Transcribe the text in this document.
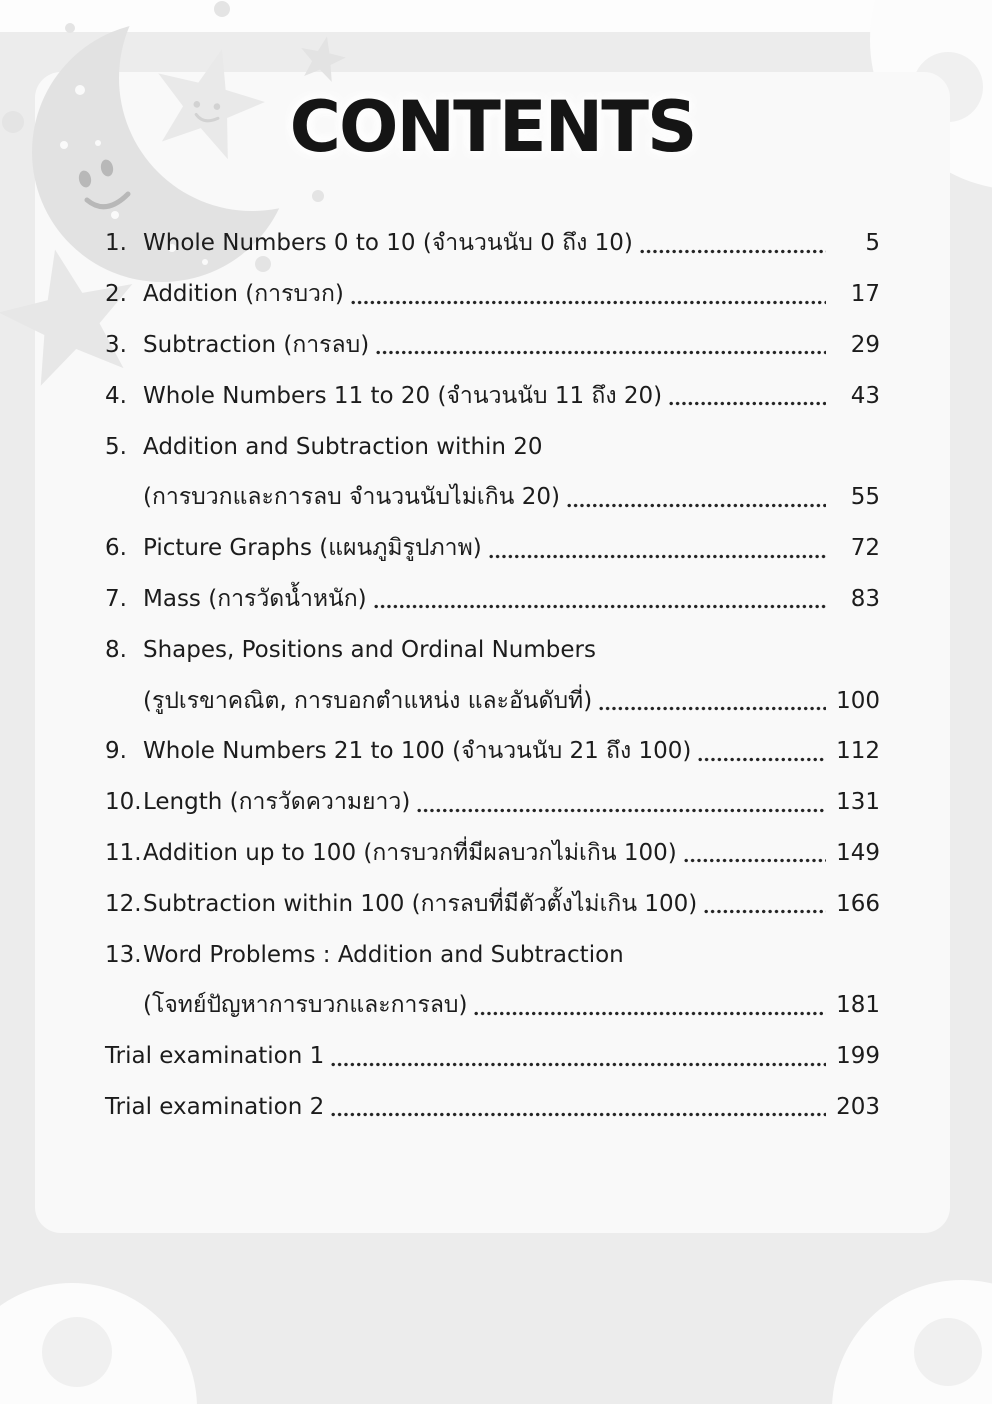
CONTENTS
1. Whole Numbers 0 to 10 (จำนวนนับ 0 ถึง 10)	5
2. Addition (การบวก)	17
3. Subtraction (การลบ)	29
4. Whole Numbers 11 to 20 (จำนวนนับ 11 ถึง 20)	43
5. Addition and Subtraction within 20
(การบวกและการลบ จำนวนนับไม่เกิน 20)	55
6. Picture Graphs (แผนภูมิรูปภาพ)	72
7. Mass (การวัดน้ำหนัก)	83
8. Shapes, Positions and Ordinal Numbers
(รูปเรขาคณิต, การบอกตำแหน่ง และอันดับที่)	100
9. Whole Numbers 21 to 100 (จำนวนนับ 21 ถึง 100)	112
10. Length (การวัดความยาว)	131
11. Addition up to 100 (การบวกที่มีผลบวกไม่เกิน 100)	149
12. Subtraction within 100 (การลบที่มีตัวตั้งไม่เกิน 100)	166
13. Word Problems : Addition and Subtraction
(โจทย์ปัญหาการบวกและการลบ)	181
Trial examination 1	199
Trial examination 2	203
